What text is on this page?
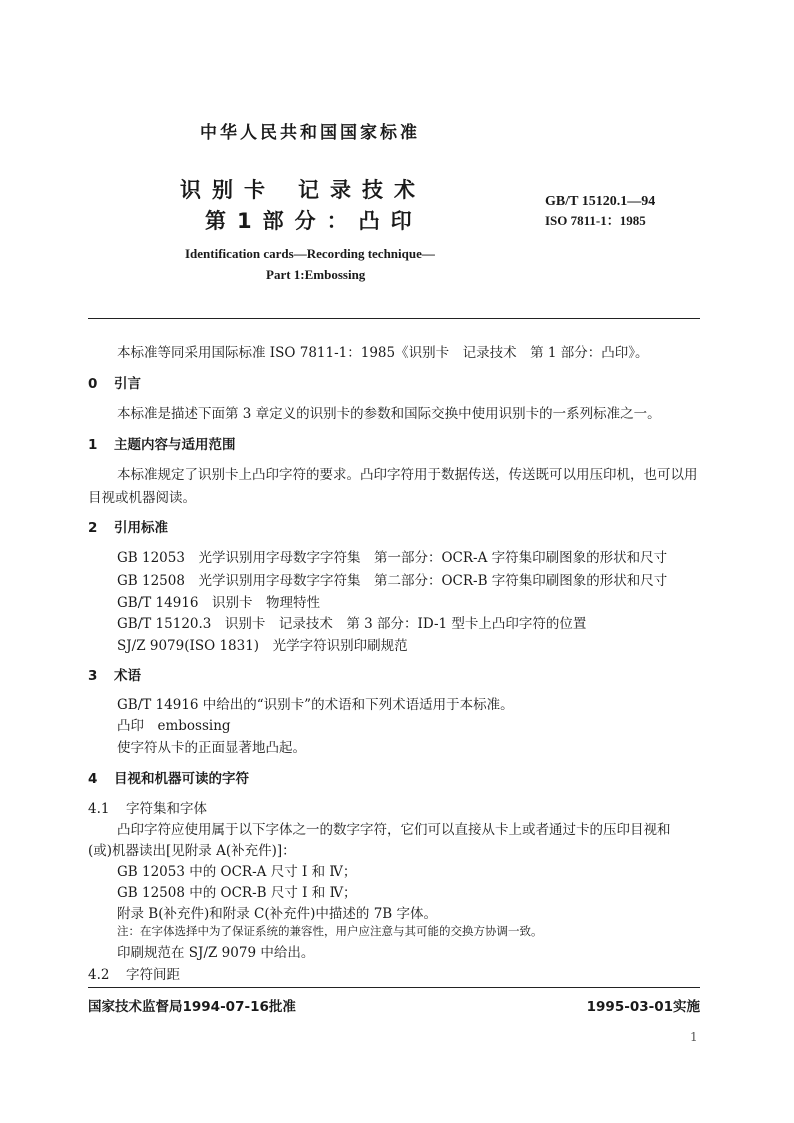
中华人民共和国国家标准
识别卡 记录技术
第1部分：凸印
GB/T 15120.1—94
ISO 7811-1：1985
Identification cards—Recording technique—
Part 1:Embossing
本标准等同采用国际标准 ISO 7811-1：1985《识别卡　记录技术　第 1 部分：凸印》。
0 引言
本标准是描述下面第 3 章定义的识别卡的参数和国际交换中使用识别卡的一系列标准之一。
1 主题内容与适用范围
本标准规定了识别卡上凸印字符的要求。凸印字符用于数据传送，传送既可以用压印机，也可以用
目视或机器阅读。
2 引用标准
GB 12053　光学识别用字母数字字符集　第一部分：OCR-A 字符集印刷图象的形状和尺寸
GB 12508　光学识别用字母数字字符集　第二部分：OCR-B 字符集印刷图象的形状和尺寸
GB/T 14916　识别卡　物理特性
GB/T 15120.3　识别卡　记录技术　第 3 部分：ID-1 型卡上凸印字符的位置
SJ/Z 9079(ISO 1831)　光学字符识别印刷规范
3 术语
GB/T 14916 中给出的“识别卡”的术语和下列术语适用于本标准。
凸印　embossing
使字符从卡的正面显著地凸起。
4 目视和机器可读的字符
4.1 字符集和字体
凸印字符应使用属于以下字体之一的数字字符，它们可以直接从卡上或者通过卡的压印目视和
(或)机器读出[见附录 A(补充件)]：
GB 12053 中的 OCR-A 尺寸 Ⅰ 和 Ⅳ；
GB 12508 中的 OCR-B 尺寸 Ⅰ 和 Ⅳ；
附录 B(补充件)和附录 C(补充件)中描述的 7B 字体。
注：在字体选择中为了保证系统的兼容性，用户应注意与其可能的交换方协调一致。
印刷规范在 SJ/Z 9079 中给出。
4.2 字符间距
国家技术监督局1994-07-16批准	1995-03-01实施
1
